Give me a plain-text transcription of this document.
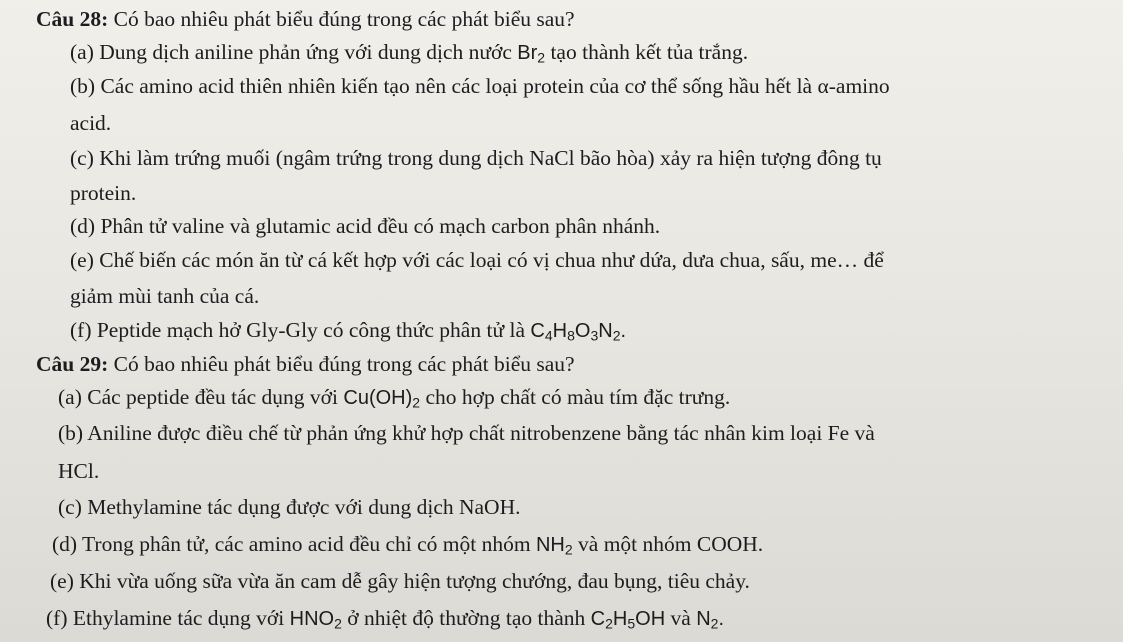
Câu 28: Có bao nhiêu phát biểu đúng trong các phát biểu sau?
(a) Dung dịch aniline phản ứng với dung dịch nước $Br_2$ tạo thành kết tủa trắng.
(b) Các amino acid thiên nhiên kiến tạo nên các loại protein của cơ thể sống hầu hết là α-amino
acid.
(c) Khi làm trứng muối (ngâm trứng trong dung dịch NaCl bão hòa) xảy ra hiện tượng đông tụ
protein.
(d) Phân tử valine và glutamic acid đều có mạch carbon phân nhánh.
(e) Chế biến các món ăn từ cá kết hợp với các loại có vị chua như dứa, dưa chua, sấu, me… để
giảm mùi tanh của cá.
(f) Peptide mạch hở Gly-Gly có công thức phân tử là $C_4H_8O_3N_2$.
Câu 29: Có bao nhiêu phát biểu đúng trong các phát biểu sau?
(a) Các peptide đều tác dụng với $Cu(OH)_2$ cho hợp chất có màu tím đặc trưng.
(b) Aniline được điều chế từ phản ứng khử hợp chất nitrobenzene bằng tác nhân kim loại Fe và
HCl.
(c) Methylamine tác dụng được với dung dịch NaOH.
(d) Trong phân tử, các amino acid đều chỉ có một nhóm $NH_2$ và một nhóm COOH.
(e) Khi vừa uống sữa vừa ăn cam dễ gây hiện tượng chướng, đau bụng, tiêu chảy.
(f) Ethylamine tác dụng với $HNO_2$ ở nhiệt độ thường tạo thành $C_2H_5OH$ và $N_2$.
